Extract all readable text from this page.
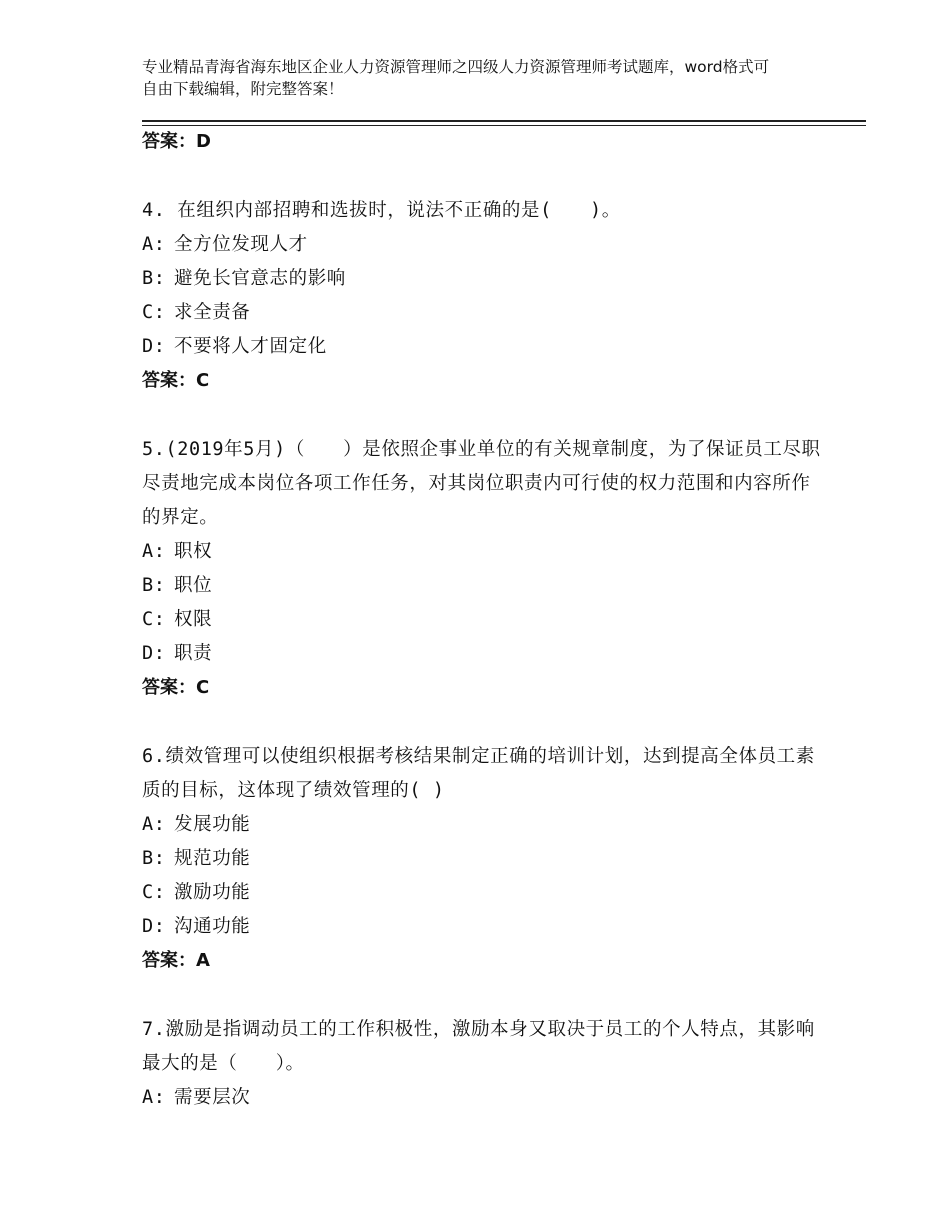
专业精品青海省海东地区企业人力资源管理师之四级人力资源管理师考试题库，word格式可自由下载编辑，附完整答案！

答案：D

4. 在组织内部招聘和选拔时，说法不正确的是(　　)。

A: 全方位发现人才

B: 避免长官意志的影响

C: 求全责备

D: 不要将人才固定化

答案：C

5.(2019年5月)（　　）是依照企事业单位的有关规章制度，为了保证员工尽职尽责地完成本岗位各项工作任务，对其岗位职责内可行使的权力范围和内容所作的界定。

A: 职权

B: 职位

C: 权限

D: 职责

答案：C

6.绩效管理可以使组织根据考核结果制定正确的培训计划，达到提高全体员工素质的目标，这体现了绩效管理的( )

A: 发展功能

B: 规范功能

C: 激励功能

D: 沟通功能

答案：A

7.激励是指调动员工的工作积极性，激励本身又取决于员工的个人特点，其影响最大的是（　　）。

A: 需要层次
